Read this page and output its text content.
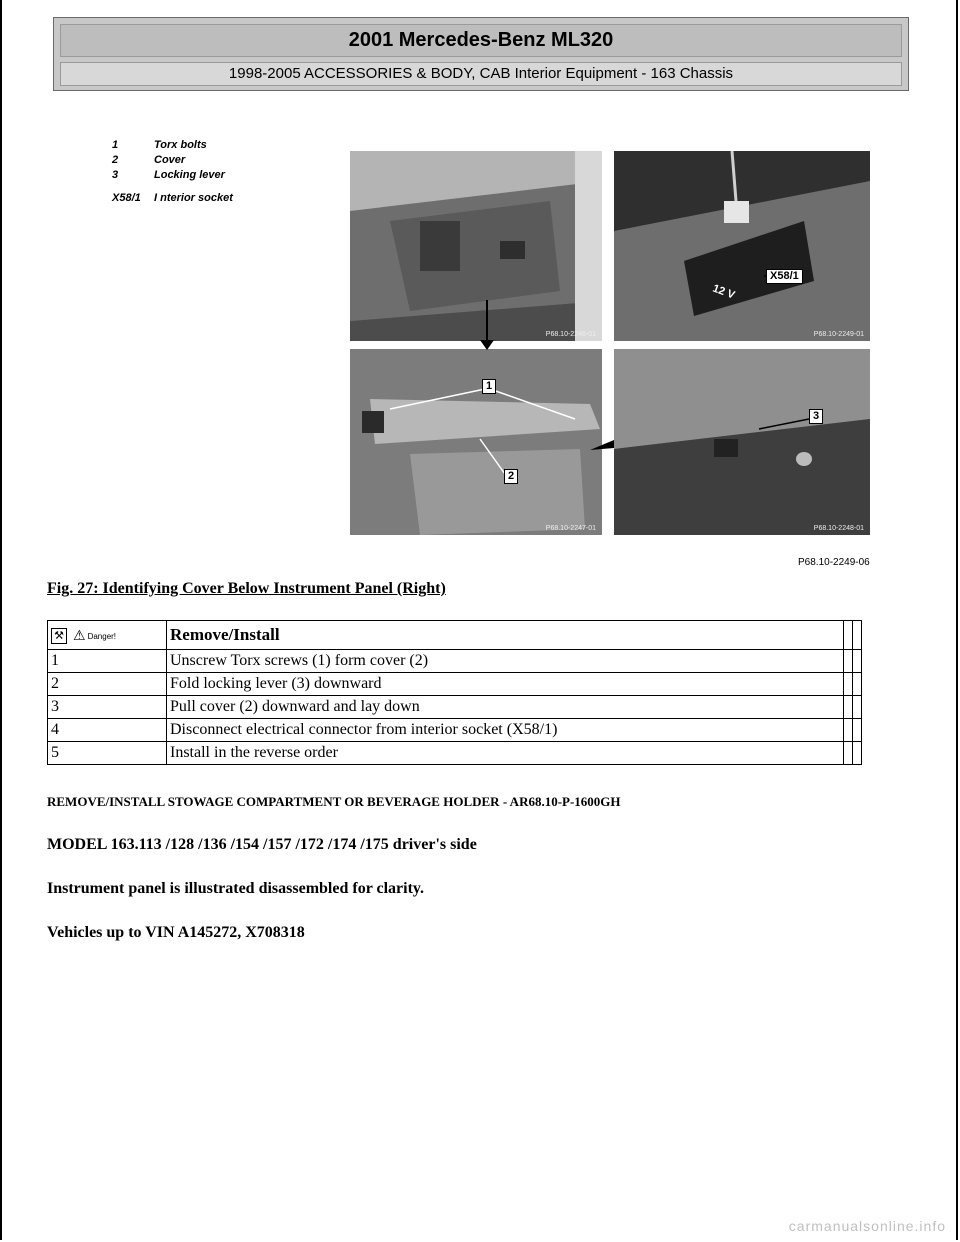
2001 Mercedes-Benz ML320
1998-2005 ACCESSORIES & BODY, CAB Interior Equipment - 163 Chassis
1	Torx bolts
2	Cover
3	Locking lever
X58/1	I nterior socket
P68.10-2246-01
12 V
X58/1
P68.10-2249-01
1
2
P68.10-2247-01
3
P68.10-2248-01
P68.10-2249-06
Fig. 27: Identifying Cover Below Instrument Panel (Right)
⚒ ⚠ Danger!	Remove/Install		
1	Unscrew Torx screws (1) form cover (2)		
2	Fold locking lever (3) downward		
3	Pull cover (2) downward and lay down		
4	Disconnect electrical connector from interior socket (X58/1)		
5	Install in the reverse order		
REMOVE/INSTALL STOWAGE COMPARTMENT OR BEVERAGE HOLDER - AR68.10-P-1600GH
MODEL 163.113 /128 /136 /154 /157 /172 /174 /175 driver's side
Instrument panel is illustrated disassembled for clarity.
Vehicles up to VIN A145272, X708318
carmanualsonline.info
